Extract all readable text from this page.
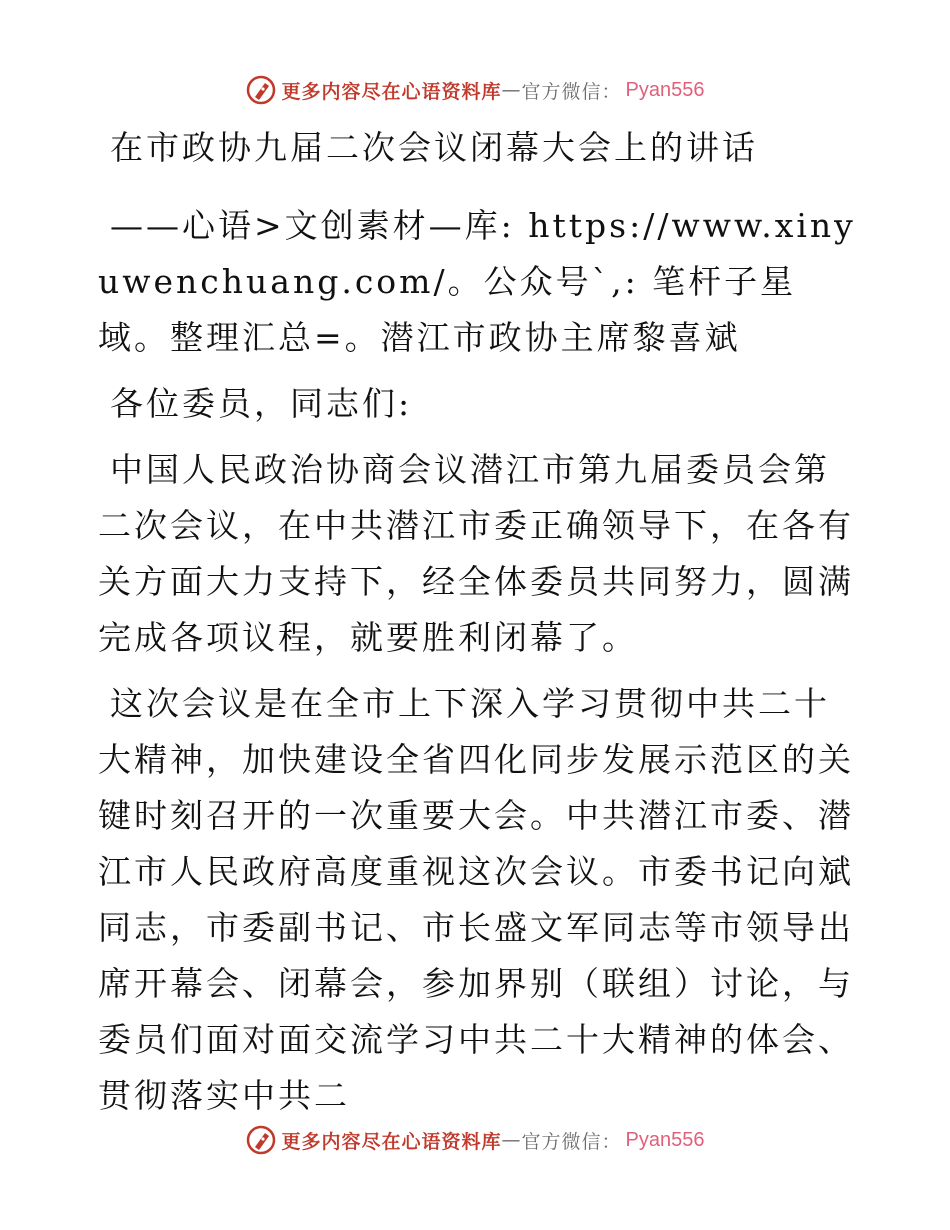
更多内容尽在心语资料库 — 官方微信： Pyan556

在市政协九届二次会议闭幕大会上的讲话

——心语>文创素材—库: https://www.xinyuwenchuang.com/。公众号`,: 笔杆子星域。整理汇总=。潜江市政协主席黎喜斌

各位委员，同志们:

中国人民政治协商会议潜江市第九届委员会第二次会议，在中共潜江市委正确领导下，在各有关方面大力支持下，经全体委员共同努力，圆满完成各项议程，就要胜利闭幕了。

这次会议是在全市上下深入学习贯彻中共二十大精神，加快建设全省四化同步发展示范区的关键时刻召开的一次重要大会。中共潜江市委、潜江市人民政府高度重视这次会议。市委书记向斌同志，市委副书记、市长盛文军同志等市领导出席开幕会、闭幕会，参加界别（联组）讨论，与委员们面对面交流学习中共二十大精神的体会、贯彻落实中共二

更多内容尽在心语资料库 — 官方微信： Pyan556
